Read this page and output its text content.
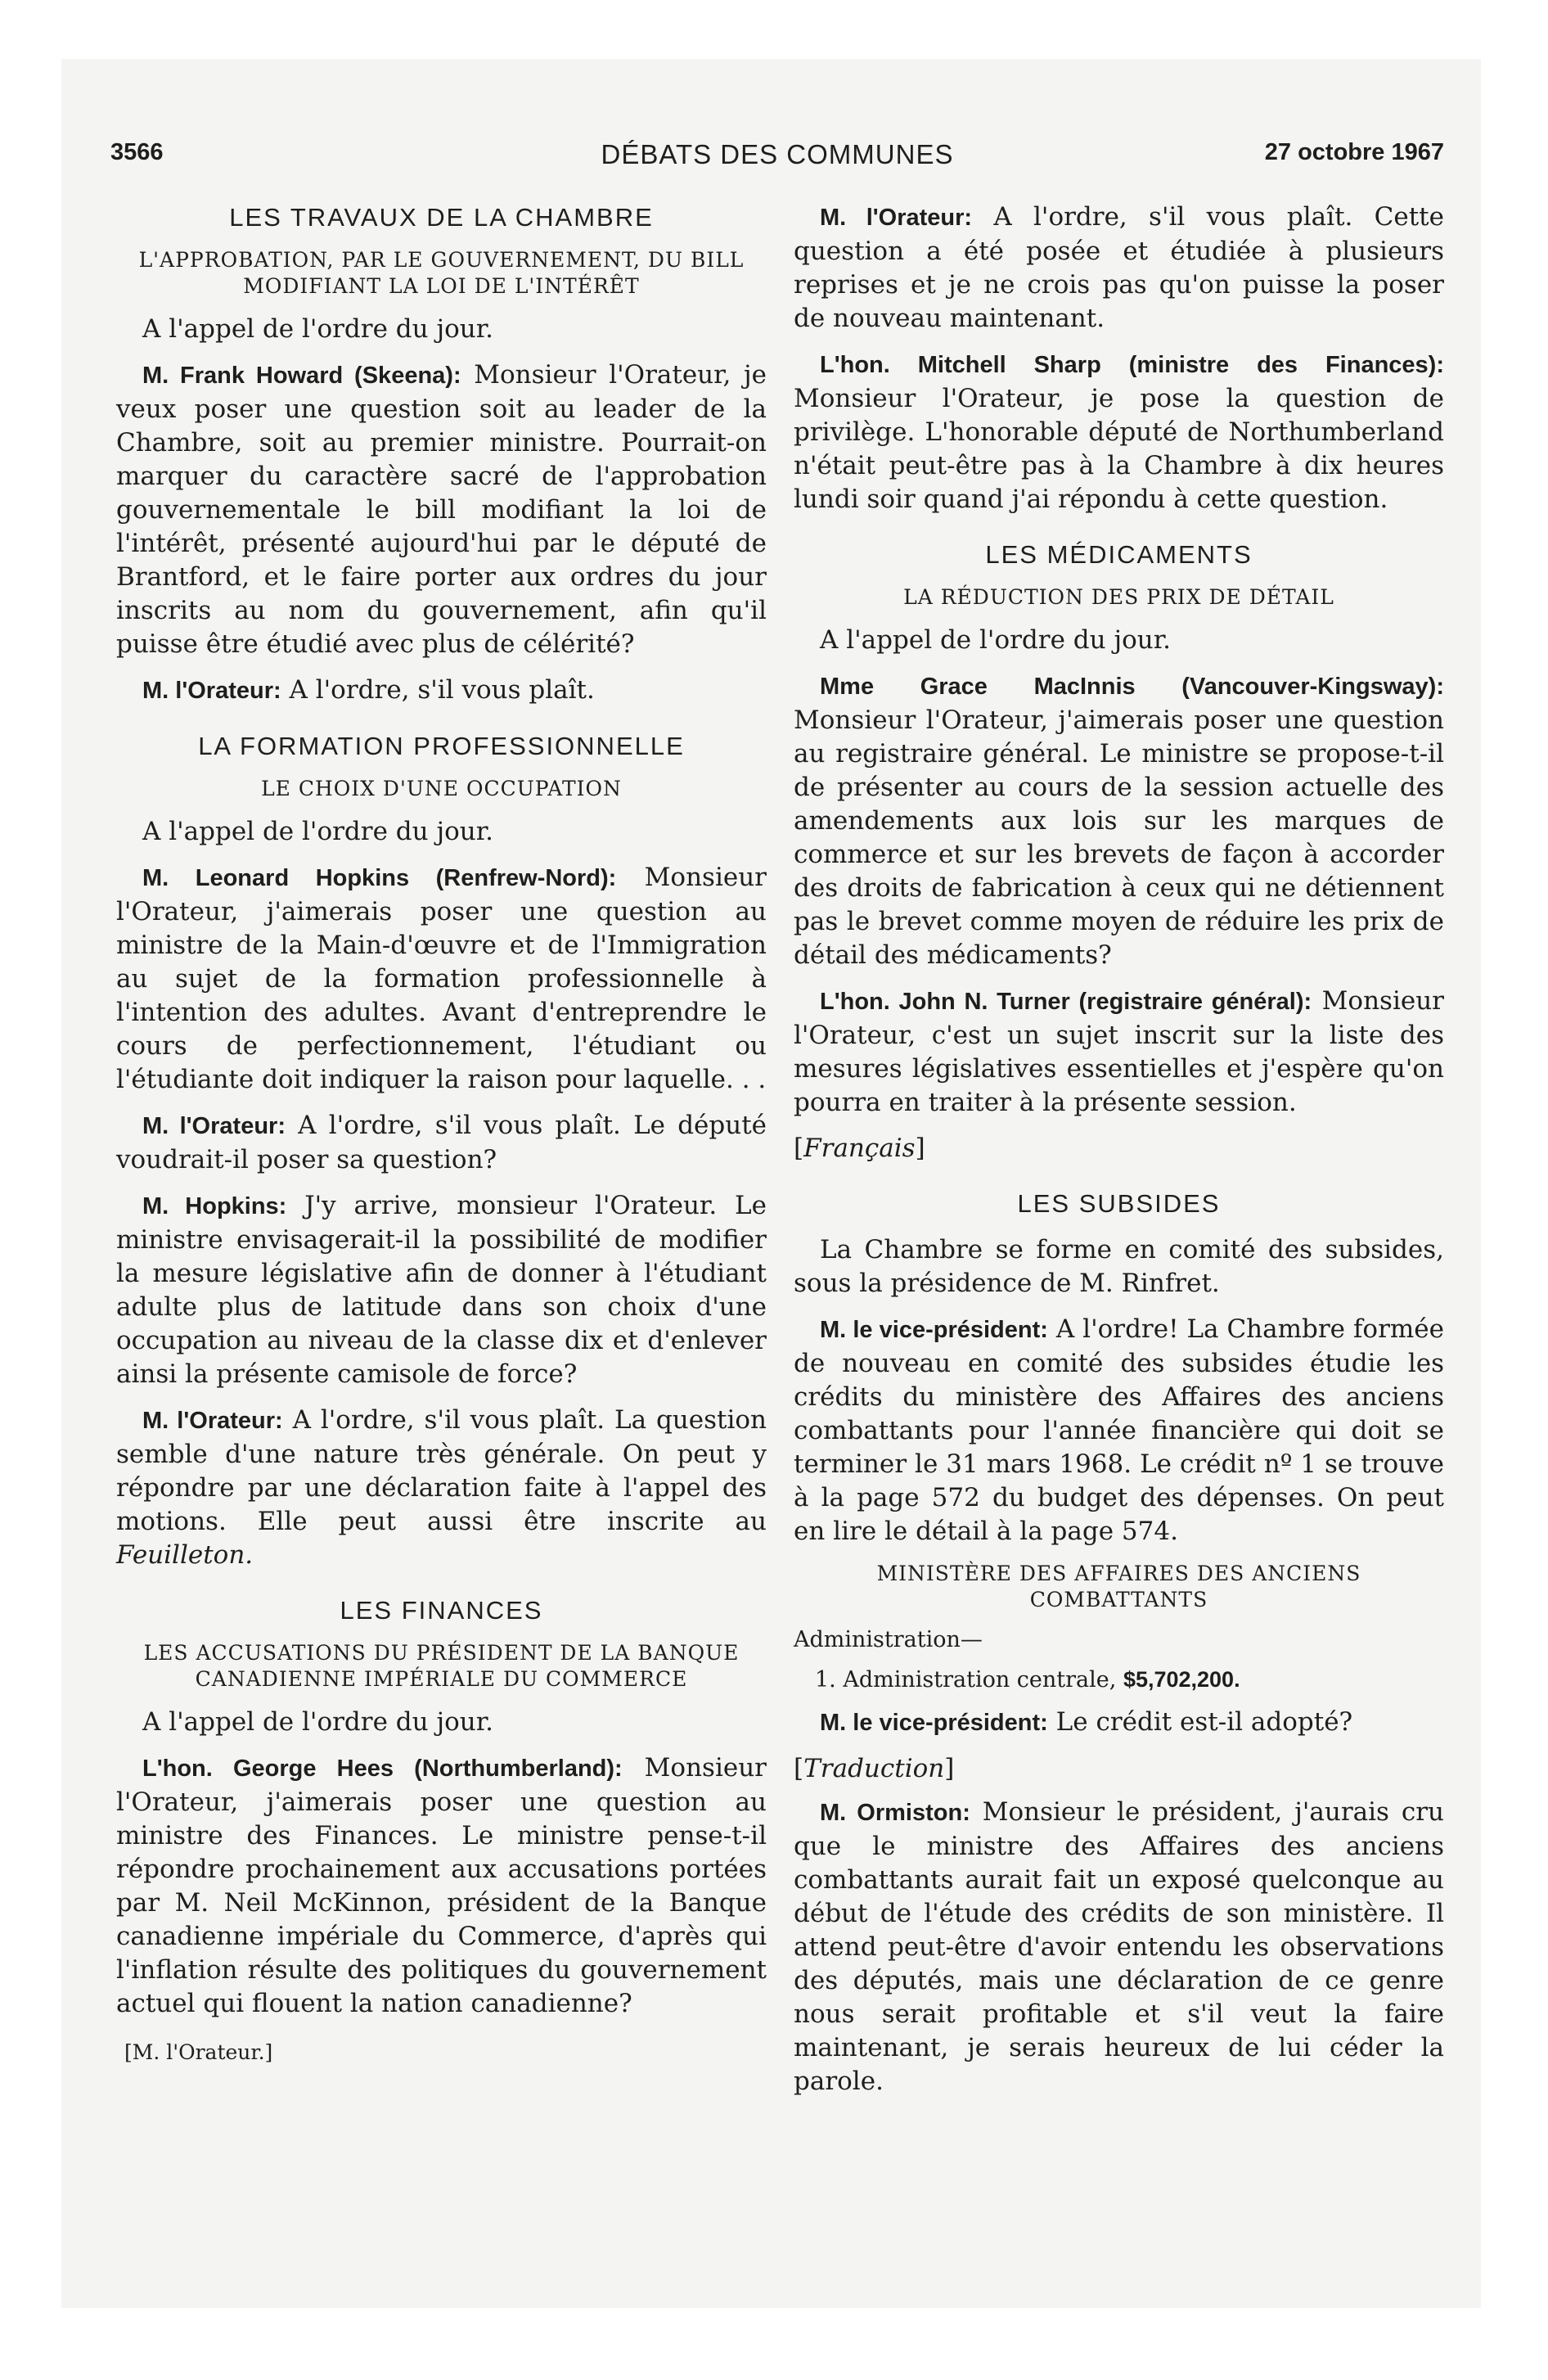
3566	DÉBATS DES COMMUNES	27 octobre 1967
LES TRAVAUX DE LA CHAMBRE
L'APPROBATION, PAR LE GOUVERNEMENT, DU BILL MODIFIANT LA LOI DE L'INTÉRÊT

A l'appel de l'ordre du jour.

M. Frank Howard (Skeena): Monsieur l'Orateur, je veux poser une question soit au leader de la Chambre, soit au premier ministre. Pourrait-on marquer du caractère sacré de l'approbation gouvernementale le bill modifiant la loi de l'intérêt, présenté aujourd'hui par le député de Brantford, et le faire porter aux ordres du jour inscrits au nom du gouvernement, afin qu'il puisse être étudié avec plus de célérité?

M. l'Orateur: A l'ordre, s'il vous plaît.

LA FORMATION PROFESSIONNELLE
LE CHOIX D'UNE OCCUPATION

A l'appel de l'ordre du jour.

M. Leonard Hopkins (Renfrew-Nord): Monsieur l'Orateur, j'aimerais poser une question au ministre de la Main-d'œuvre et de l'Immigration au sujet de la formation professionnelle à l'intention des adultes. Avant d'entreprendre le cours de perfectionnement, l'étudiant ou l'étudiante doit indiquer la raison pour laquelle. . .

M. l'Orateur: A l'ordre, s'il vous plaît. Le député voudrait-il poser sa question?

M. Hopkins: J'y arrive, monsieur l'Orateur. Le ministre envisagerait-il la possibilité de modifier la mesure législative afin de donner à l'étudiant adulte plus de latitude dans son choix d'une occupation au niveau de la classe dix et d'enlever ainsi la présente camisole de force?

M. l'Orateur: A l'ordre, s'il vous plaît. La question semble d'une nature très générale. On peut y répondre par une déclaration faite à l'appel des motions. Elle peut aussi être inscrite au Feuilleton.

LES FINANCES
LES ACCUSATIONS DU PRÉSIDENT DE LA BANQUE CANADIENNE IMPÉRIALE DU COMMERCE

A l'appel de l'ordre du jour.

L'hon. George Hees (Northumberland): Monsieur l'Orateur, j'aimerais poser une question au ministre des Finances. Le ministre pense-t-il répondre prochainement aux accusations portées par M. Neil McKinnon, président de la Banque canadienne impériale du Commerce, d'après qui l'inflation résulte des politiques du gouvernement actuel qui flouent la nation canadienne?

[M. l'Orateur.]

M. l'Orateur: A l'ordre, s'il vous plaît. Cette question a été posée et étudiée à plusieurs reprises et je ne crois pas qu'on puisse la poser de nouveau maintenant.

L'hon. Mitchell Sharp (ministre des Finances): Monsieur l'Orateur, je pose la question de privilège. L'honorable député de Northumberland n'était peut-être pas à la Chambre à dix heures lundi soir quand j'ai répondu à cette question.

LES MÉDICAMENTS
LA RÉDUCTION DES PRIX DE DÉTAIL

A l'appel de l'ordre du jour.

Mme Grace MacInnis (Vancouver-Kingsway): Monsieur l'Orateur, j'aimerais poser une question au registraire général. Le ministre se propose-t-il de présenter au cours de la session actuelle des amendements aux lois sur les marques de commerce et sur les brevets de façon à accorder des droits de fabrication à ceux qui ne détiennent pas le brevet comme moyen de réduire les prix de détail des médicaments?

L'hon. John N. Turner (registraire général): Monsieur l'Orateur, c'est un sujet inscrit sur la liste des mesures législatives essentielles et j'espère qu'on pourra en traiter à la présente session.

[Français]
LES SUBSIDES

La Chambre se forme en comité des subsides, sous la présidence de M. Rinfret.

M. le vice-président: A l'ordre! La Chambre formée de nouveau en comité des subsides étudie les crédits du ministère des Affaires des anciens combattants pour l'année financière qui doit se terminer le 31 mars 1968. Le crédit nº 1 se trouve à la page 572 du budget des dépenses. On peut en lire le détail à la page 574.

MINISTÈRE DES AFFAIRES DES ANCIENS COMBATTANTS
Administration—
1. Administration centrale, $5,702,200.

M. le vice-président: Le crédit est-il adopté?

[Traduction]

M. Ormiston: Monsieur le président, j'aurais cru que le ministre des Affaires des anciens combattants aurait fait un exposé quelconque au début de l'étude des crédits de son ministère. Il attend peut-être d'avoir entendu les observations des députés, mais une déclaration de ce genre nous serait profitable et s'il veut la faire maintenant, je serais heureux de lui céder la parole.
